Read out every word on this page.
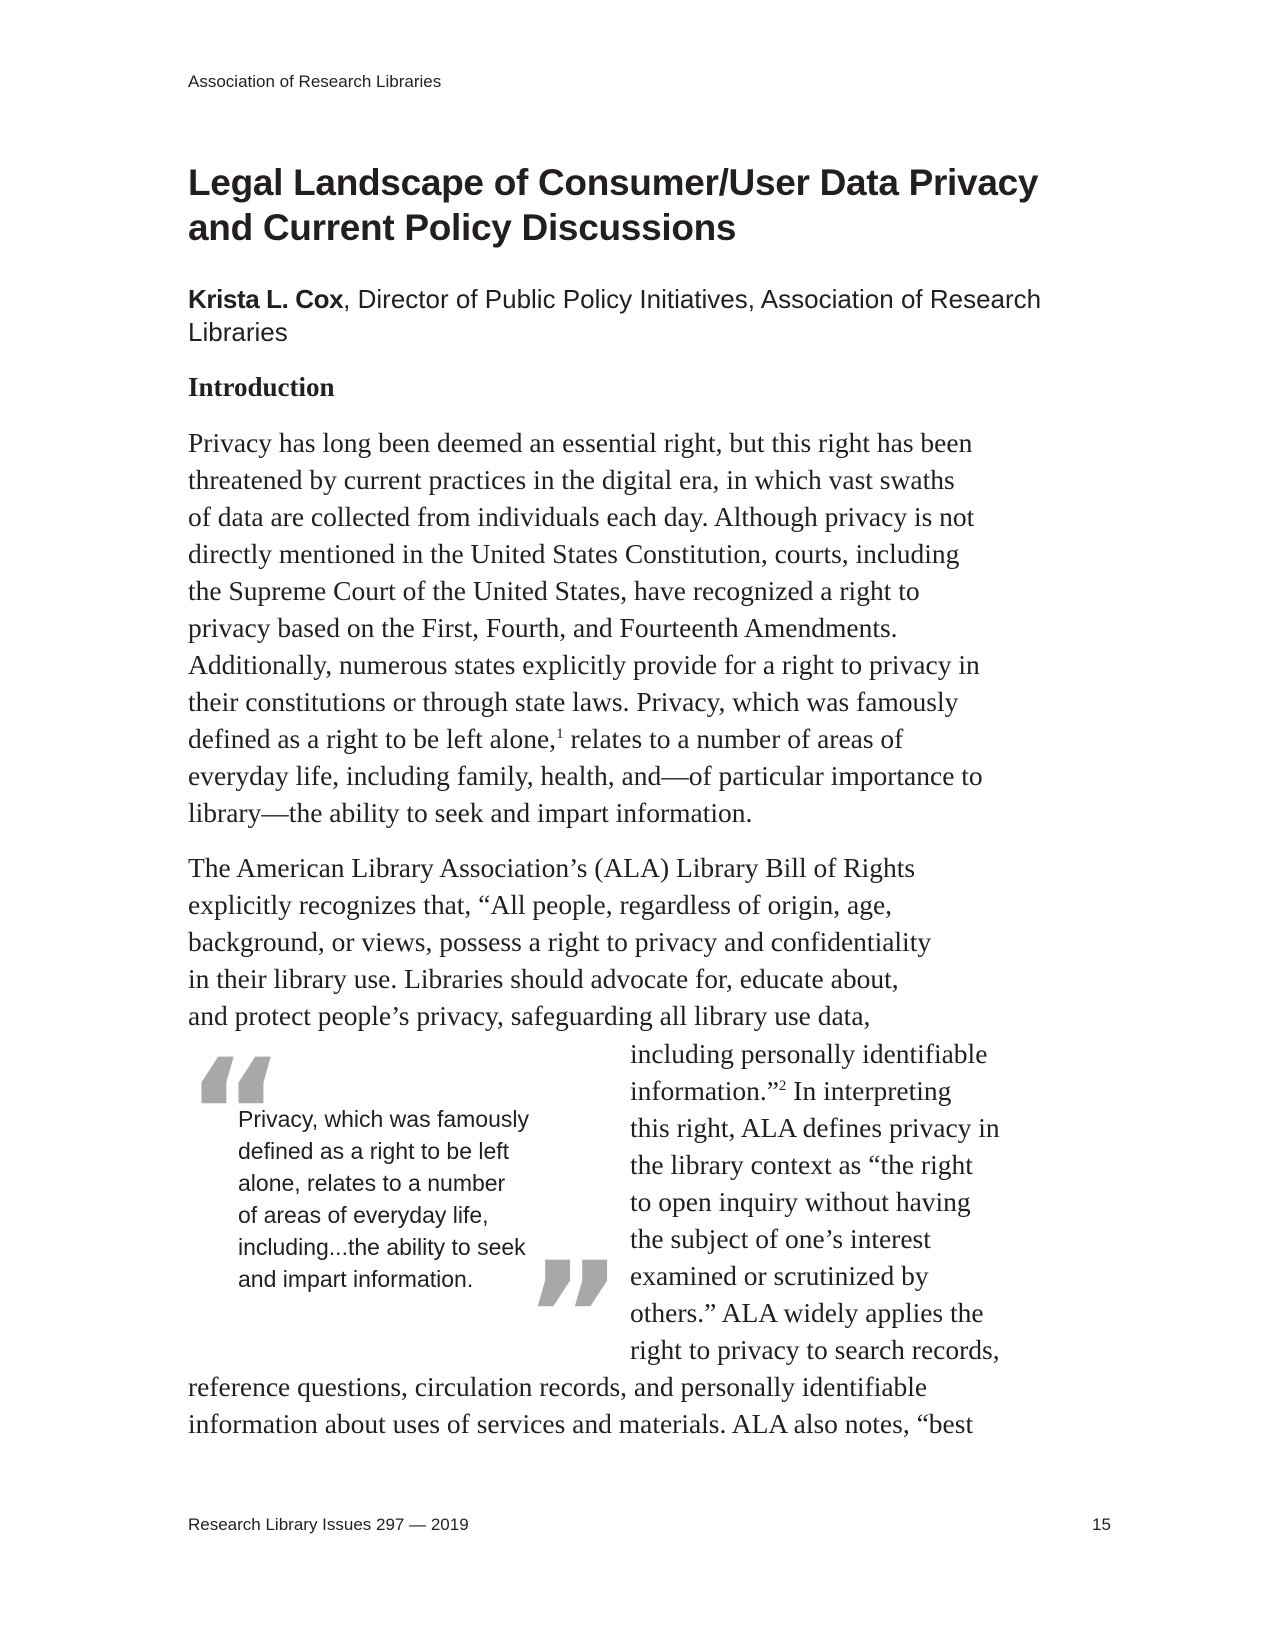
Association of Research Libraries
Legal Landscape of Consumer/User Data Privacy
and Current Policy Discussions

Krista L. Cox, Director of Public Policy Initiatives, Association of Research
Libraries

Introduction

Privacy has long been deemed an essential right, but this right has been
threatened by current practices in the digital era, in which vast swaths
of data are collected from individuals each day. Although privacy is not
directly mentioned in the United States Constitution, courts, including
the Supreme Court of the United States, have recognized a right to
privacy based on the First, Fourth, and Fourteenth Amendments.
Additionally, numerous states explicitly provide for a right to privacy in
their constitutions or through state laws. Privacy, which was famously
defined as a right to be left alone,$^1$ relates to a number of areas of
everyday life, including family, health, and—of particular importance to
library—the ability to seek and impart information.

The American Library Association’s (ALA) Library Bill of Rights
explicitly recognizes that, “All people, regardless of origin, age,
background, or views, possess a right to privacy and confidentiality
in their library use. Libraries should advocate for, educate about,
and protect people’s privacy, safeguarding all library use data,

including personally identifiable
information.”$^2$ In interpreting
this right, ALA defines privacy in
the library context as “the right
to open inquiry without having
the subject of one’s interest
examined or scrutinized by
others.” ALA widely applies the
right to privacy to search records,

reference questions, circulation records, and personally identifiable
information about uses of services and materials. ALA also notes, “best

“

Privacy, which was famously
defined as a right to be left
alone, relates to a number
of areas of everyday life,
including...the ability to seek
and impart information. ”
Research Library Issues 297 — 2019	15
